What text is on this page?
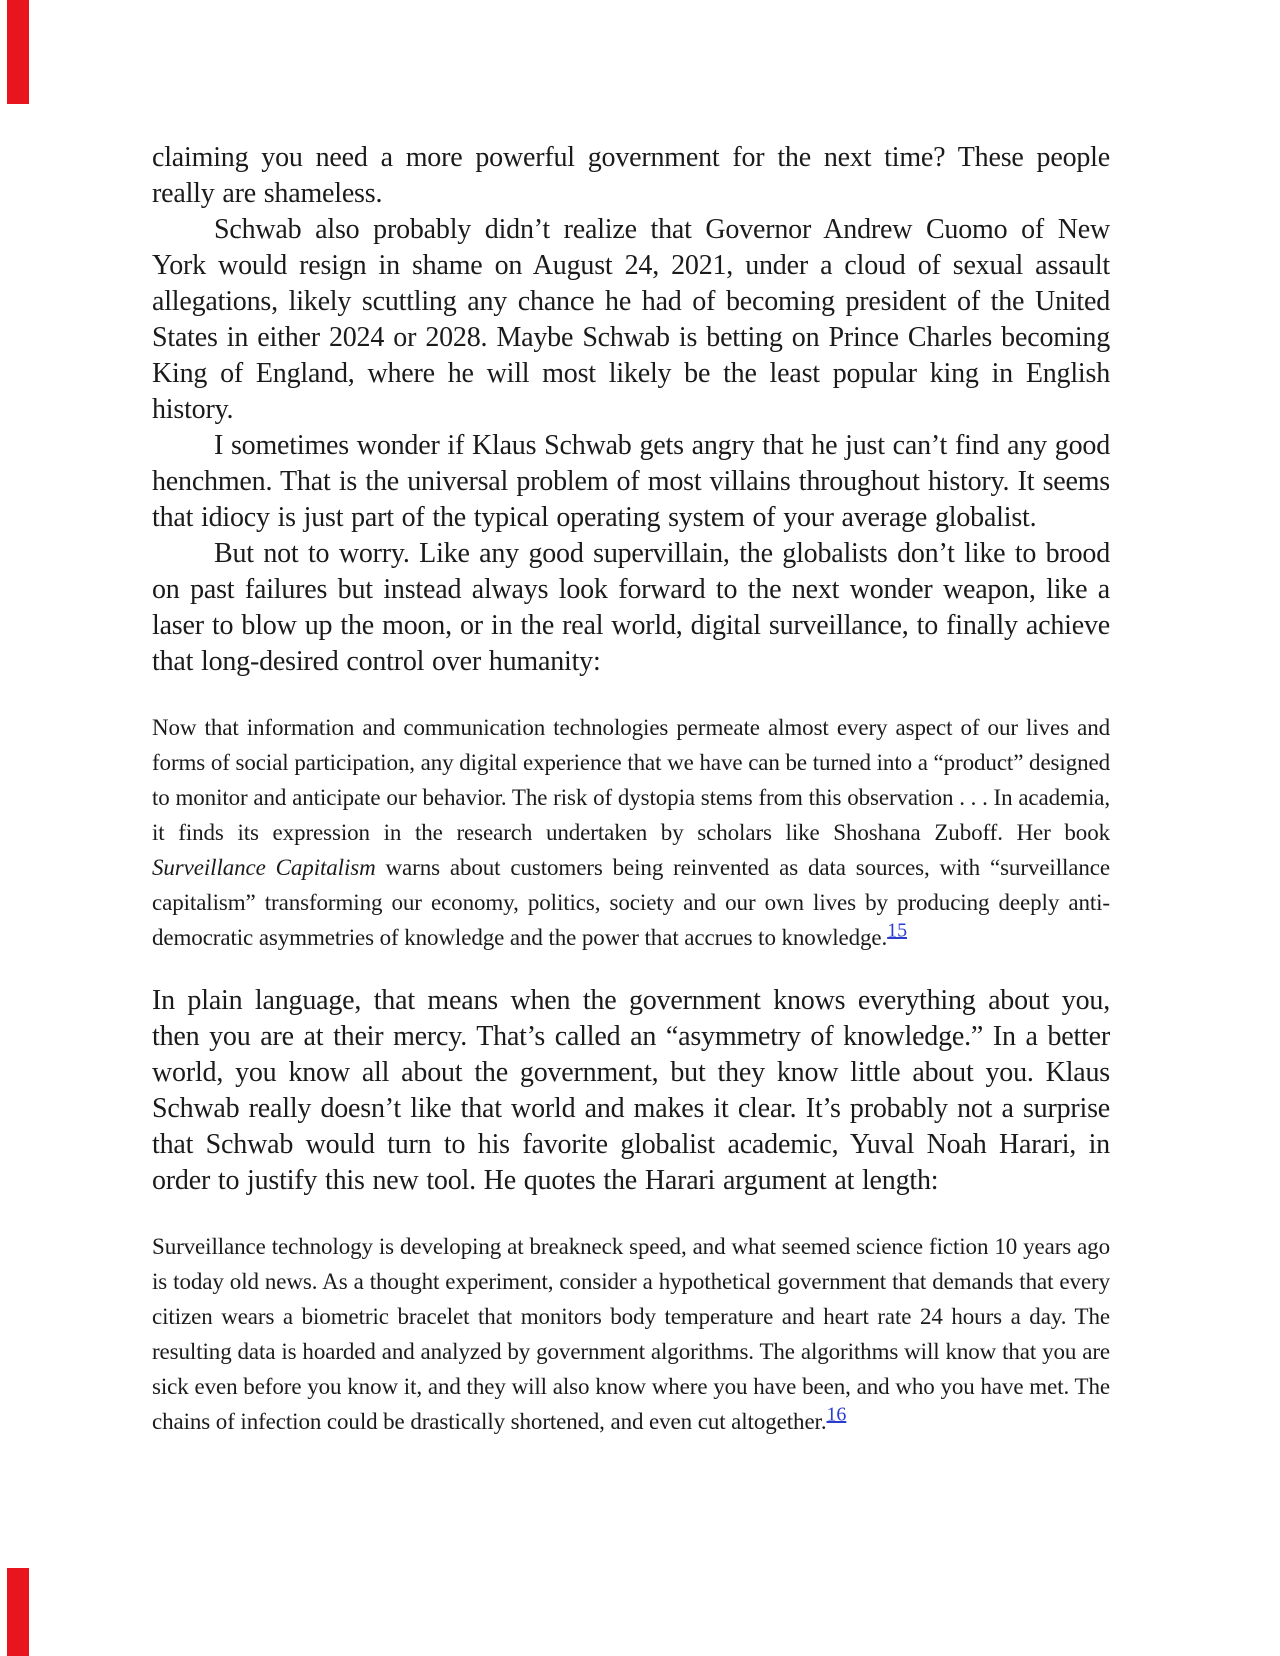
claiming you need a more powerful government for the next time? These people really are shameless.

Schwab also probably didn’t realize that Governor Andrew Cuomo of New York would resign in shame on August 24, 2021, under a cloud of sexual assault allegations, likely scuttling any chance he had of becoming president of the United States in either 2024 or 2028. Maybe Schwab is betting on Prince Charles becoming King of England, where he will most likely be the least popular king in English history.

I sometimes wonder if Klaus Schwab gets angry that he just can’t find any good henchmen. That is the universal problem of most villains throughout history. It seems that idiocy is just part of the typical operating system of your average globalist.

But not to worry. Like any good supervillain, the globalists don’t like to brood on past failures but instead always look forward to the next wonder weapon, like a laser to blow up the moon, or in the real world, digital surveillance, to finally achieve that long-desired control over humanity:

Now that information and communication technologies permeate almost every aspect of our lives and forms of social participation, any digital experience that we have can be turned into a “product” designed to monitor and anticipate our behavior. The risk of dystopia stems from this observation . . . In academia, it finds its expression in the research undertaken by scholars like Shoshana Zuboff. Her book Surveillance Capitalism warns about customers being reinvented as data sources, with “surveillance capitalism” transforming our economy, politics, society and our own lives by producing deeply anti-democratic asymmetries of knowledge and the power that accrues to knowledge.$^{15}$

In plain language, that means when the government knows everything about you, then you are at their mercy. That’s called an “asymmetry of knowledge.” In a better world, you know all about the government, but they know little about you. Klaus Schwab really doesn’t like that world and makes it clear. It’s probably not a surprise that Schwab would turn to his favorite globalist academic, Yuval Noah Harari, in order to justify this new tool. He quotes the Harari argument at length:

Surveillance technology is developing at breakneck speed, and what seemed science fiction 10 years ago is today old news. As a thought experiment, consider a hypothetical government that demands that every citizen wears a biometric bracelet that monitors body temperature and heart rate 24 hours a day. The resulting data is hoarded and analyzed by government algorithms. The algorithms will know that you are sick even before you know it, and they will also know where you have been, and who you have met. The chains of infection could be drastically shortened, and even cut altogether.$^{16}$
